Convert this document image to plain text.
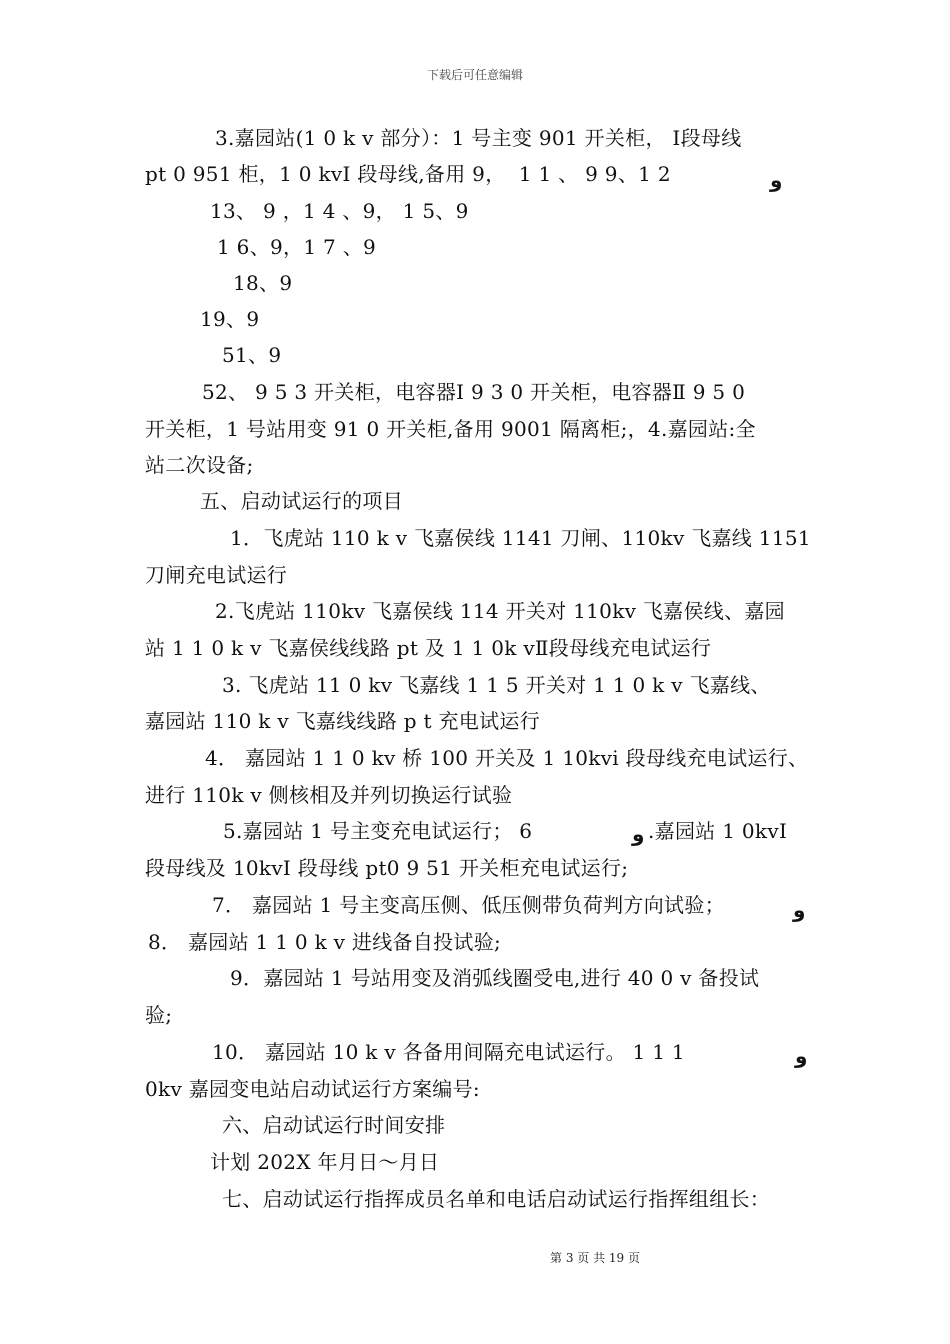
下载后可任意编辑
3.嘉园站(1 0 k v 部分）：1 号主变 901 开关柜， Ⅰ段母线
pt 0 951 柜，1 0 kvⅠ 段母线,备用 9，  1 1 、 9 9、1 2	و
13、 9 ，1 4 、9， 1 5、9
1 6、9，1 7 、9
18、9
19、9
51、9
52、 9 5 3 开关柜，电容器Ⅰ 9 3 0 开关柜，电容器Ⅱ 9 5 0
开关柜，1 号站用变 91 0 开关柜,备用 9001 隔离柜;，4.嘉园站:全
站二次设备;
五、启动试运行的项目
1．飞虎站 110 k v 飞嘉侯线 1141 刀闸、110kv 飞嘉线 1151
刀闸充电试运行
2.飞虎站 110kv 飞嘉侯线 114 开关对 110kv 飞嘉侯线、嘉园
站 1 1 0 k v 飞嘉侯线线路 pt 及 1 1 0k vⅡ段母线充电试运行
3. 飞虎站 11 0 kv 飞嘉线 1 1 5 开关对 1 1 0 k v 飞嘉线、
嘉园站 110 k v 飞嘉线线路 p t 充电试运行
4． 嘉园站 1 1 0 kv 桥 100 开关及 1 10kvi 段母线充电试运行、
进行 110k v 侧核相及并列切换运行试验
5.嘉园站 1 号主变充电试运行； 6	و .嘉园站 1 0kvⅠ
段母线及 10kvⅠ 段母线 pt0 9 51 开关柜充电试运行;
7． 嘉园站 1 号主变高压侧、低压侧带负荷判方向试验；	و
8． 嘉园站 1 1 0 k v 进线备自投试验;
9．嘉园站 1 号站用变及消弧线圈受电,进行 40 0 v 备投试
验;
10． 嘉园站 10 k v 各备用间隔充电试运行。 1 1 1	و
0kv 嘉园变电站启动试运行方案编号:
六、启动试运行时间安排
计划 202X 年月日～月日
七、启动试运行指挥成员名单和电话启动试运行指挥组组长：
第 3 页 共 19 页
